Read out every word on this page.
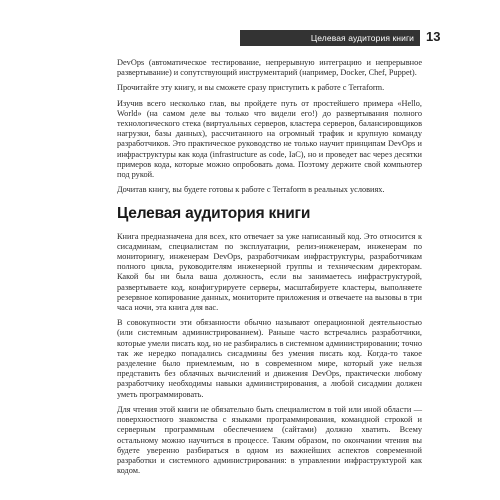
Целевая аудитория книги 13

DevOps (автоматическое тестирование, непрерывную интеграцию и непрерывное развертывание) и сопутствующий инструментарий (например, Docker, Chef, Puppet).

Прочитайте эту книгу, и вы сможете сразу приступить к работе с Terraform.

Изучив всего несколько глав, вы пройдете путь от простейшего примера «Hello, World» (на самом деле вы только что видели его!) до развертывания полного технологического стека (виртуальных серверов, кластера серверов, балансировщиков нагрузки, базы данных), рассчитанного на огромный трафик и крупную команду разработчиков. Это практическое руководство не только научит принципам DevOps и инфраструктуры как кода (infrastructure as code, IaC), но и проведет вас через десятки примеров кода, которые можно опробовать дома. Поэтому держите свой компьютер под рукой.

Дочитав книгу, вы будете готовы к работе с Terraform в реальных условиях.

Целевая аудитория книги

Книга предназначена для всех, кто отвечает за уже написанный код. Это относится к сисадминам, специалистам по эксплуатации, релиз-инженерам, инженерам по мониторингу, инженерам DevOps, разработчикам инфраструктуры, разработчикам полного цикла, руководителям инженерной группы и техническим директорам. Какой бы ни была ваша должность, если вы занимаетесь инфраструктурой, развертываете код, конфигурируете серверы, масштабируете кластеры, выполняете резервное копирование данных, мониторите приложения и отвечаете на вызовы в три часа ночи, эта книга для вас.

В совокупности эти обязанности обычно называют операционной деятельностью (или системным администрированием). Раньше часто встречались разработчики, которые умели писать код, но не разбирались в системном администрировании; точно так же нередко попадались сисадмины без умения писать код. Когда-то такое разделение было приемлемым, но в современном мире, который уже нельзя представить без облачных вычислений и движения DevOps, практически любому разработчику необходимы навыки администрирования, а любой сисадмин должен уметь программировать.

Для чтения этой книги не обязательно быть специалистом в той или иной области — поверхностного знакомства с языками программирования, командной строкой и серверным программным обеспечением (сайтами) должно хватить. Всему остальному можно научиться в процессе. Таким образом, по окончании чтения вы будете уверенно разбираться в одном из важнейших аспектов современной разработки и системного администрирования: в управлении инфраструктурой как кодом.
